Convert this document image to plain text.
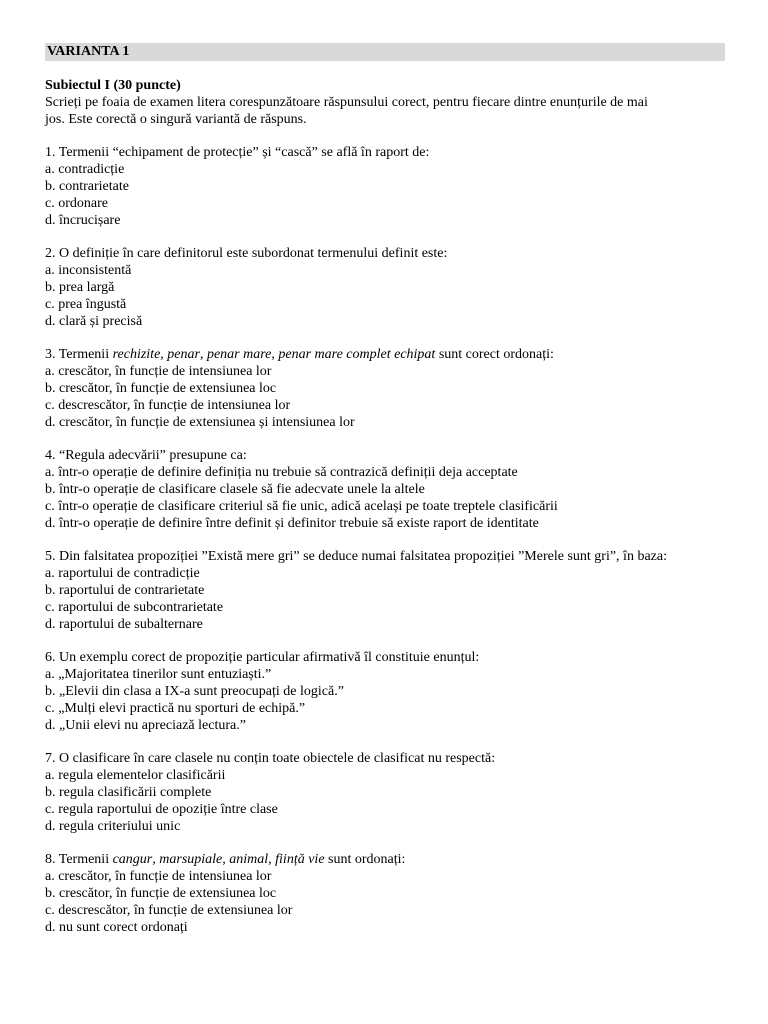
VARIANTA 1
Subiectul I (30 puncte)
Scrieți pe foaia de examen litera corespunzătoare răspunsului corect, pentru fiecare dintre enunțurile de mai
jos. Este corectă o singură variantă de răspuns.
1. Termenii “echipament de protecție” și “cască” se află în raport de:
a. contradicție
b. contrarietate
c. ordonare
d. încrucișare
2. O definiție în care definitorul este subordonat termenului definit este:
a. inconsistentă
b. prea largă
c. prea îngustă
d. clară și precisă
3. Termenii rechizite, penar, penar mare, penar mare complet echipat sunt corect ordonați:
a. crescător, în funcție de intensiunea lor
b. crescător, în funcție de extensiunea loc
c. descrescător, în funcție de intensiunea lor
d. crescător, în funcție de extensiunea și intensiunea lor
4. “Regula adecvării” presupune ca:
a. într-o operație de definire definiția nu trebuie să contrazică definiții deja acceptate
b. într-o operație de clasificare clasele să fie adecvate unele la altele
c. într-o operație de clasificare criteriul să fie unic, adică același pe toate treptele clasificării
d. într-o operație de definire între definit și definitor trebuie să existe raport de identitate
5. Din falsitatea propoziției ”Există mere gri” se deduce numai falsitatea propoziției ”Merele sunt gri”, în baza:
a. raportului de contradicție
b. raportului de contrarietate
c. raportului de subcontrarietate
d. raportului de subalternare
6. Un exemplu corect de propoziție particular afirmativă îl constituie enunțul:
a. „Majoritatea tinerilor sunt entuziaști.”
b. „Elevii din clasa a IX-a sunt preocupați de logică.”
c. „Mulți elevi practică nu sporturi de echipă.”
d. „Unii elevi nu apreciază lectura.”
7. O clasificare în care clasele nu conțin toate obiectele de clasificat nu respectă:
a. regula elementelor clasificării
b. regula clasificării complete
c. regula raportului de opoziție între clase
d. regula criteriului unic
8. Termenii cangur, marsupiale, animal, ființă vie sunt ordonați:
a. crescător, în funcție de intensiunea lor
b. crescător, în funcție de extensiunea loc
c. descrescător, în funcție de extensiunea lor
d. nu sunt corect ordonați
